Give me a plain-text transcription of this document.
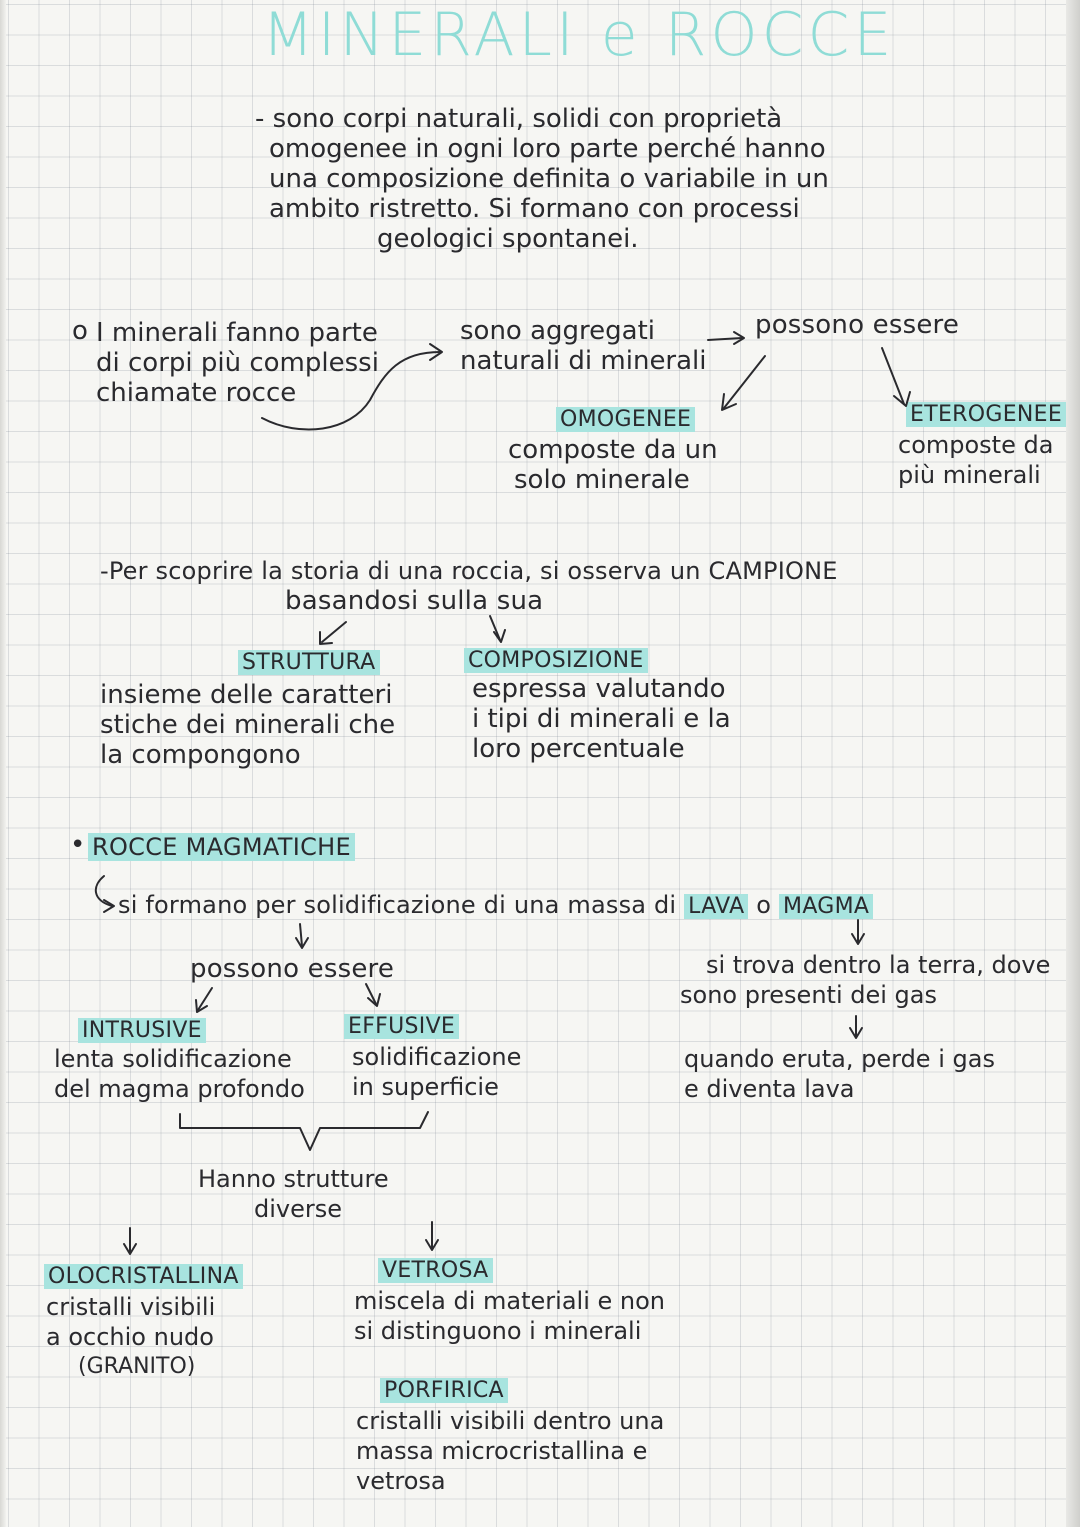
MINERALI e ROCCE
- sono corpi naturali, solidi con proprietà
omogenee in ogni loro parte perché hanno
una composizione definita o variabile in un
ambito ristretto. Si formano con processi
geologici spontanei.
o I minerali fanno parte
di corpi più complessi
chiamate rocce
sono aggregati
naturali di minerali
possono essere
OMOGENEE
composte da un
solo minerale
ETEROGENEE
composte da
più minerali
-Per scoprire la storia di una roccia, si osserva un CAMPIONE
basandosi sulla sua
STRUTTURA
insieme delle caratteri
stiche dei minerali che
la compongono
COMPOSIZIONE
espressa valutando
i tipi di minerali e la
loro percentuale
• ROCCE MAGMATICHE
si formano per solidificazione di una massa di LAVA o MAGMA
possono essere
INTRUSIVE
lenta solidificazione
del magma profondo
EFFUSIVE
solidificazione
in superficie
si trova dentro la terra, dove
sono presenti dei gas
quando eruta, perde i gas
e diventa lava
Hanno strutture
diverse
OLOCRISTALLINA
cristalli visibili
a occhio nudo
(GRANITO)
VETROSA
miscela di materiali e non
si distinguono i minerali
PORFIRICA
cristalli visibili dentro una
massa microcristallina e
vetrosa
